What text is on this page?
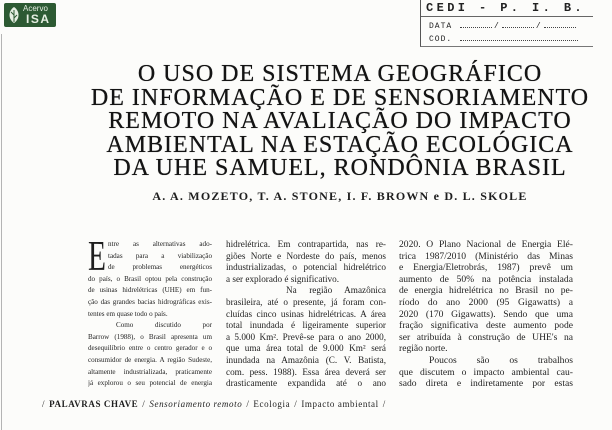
Acervo
ISA
CEDI - P. I. B.
DATA	/	/
COD.
O USO DE SISTEMA GEOGRÁFICO
DE INFORMAÇÃO E DE SENSORIAMENTO
REMOTO NA AVALIAÇÃO DO IMPACTO
AMBIENTAL NA ESTAÇÃO ECOLÓGICA
DA UHE SAMUEL, RONDÔNIA BRASIL
A. A. MOZETO, T. A. STONE, I. F. BROWN e D. L. SKOLE
E ntre as alternativas ado-
tadas para a viabilização
de problemas energéticos
do país, o Brasil optou pela construção
de usinas hidrelétricas (UHE) em fun-
ção das grandes bacias hidrográficas exis-
tentes em quase todo o país.
Como discutido por
Barrow (1988), o Brasil apresenta um
desequilíbrio entre o centro gerador e o
consumidor de energia. A região Sudeste,
altamente industrializada, praticamente
já explorou o seu potencial de energia
hidrelétrica. Em contrapartida, nas re-
giões Norte e Nordeste do país, menos
industrializadas, o potencial hidrelétrico
a ser explorado é significativo.
Na região Amazônica
brasileira, até o presente, já foram con-
cluídas cinco usinas hidrelétricas. A área
total inundada é ligeiramente superior
a 5.000 Km². Prevê-se para o ano 2000,
que uma área total de 9.000 Km² será
inundada na Amazônia (C. V. Batista,
com. pess. 1988). Essa área deverá ser
drasticamente expandida até o ano
2020. O Plano Nacional de Energia Elé-
trica 1987/2010 (Ministério das Minas
e Energia/Eletrobrás, 1987) prevê um
aumento de 50% na potência instalada
de energia hidrelétrica no Brasil no pe-
ríodo do ano 2000 (95 Gigawatts) a
2020 (170 Gigawatts). Sendo que uma
fração significativa deste aumento pode
ser atribuída à construção de UHE's na
região norte.
Poucos são os trabalhos
que discutem o impacto ambiental cau-
sado direta e indiretamente por estas
/ PALAVRAS CHAVE / Sensoriamento remoto / Ecologia / Impacto ambiental /
